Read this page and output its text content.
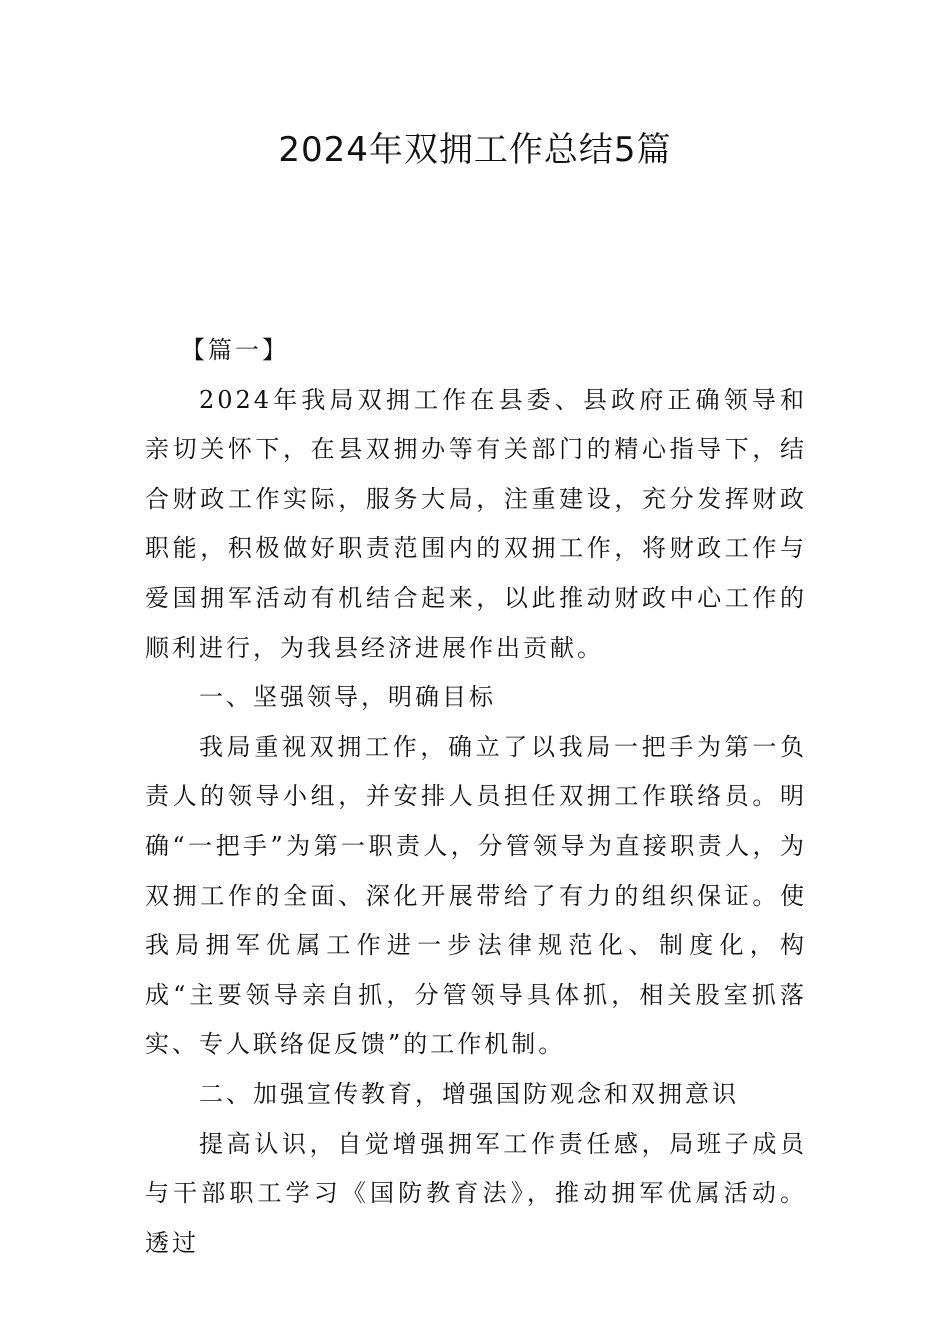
2024年双拥工作总结5篇

【篇一】

2024年我局双拥工作在县委、县政府正确领导和亲切关怀下，在县双拥办等有关部门的精心指导下，结合财政工作实际，服务大局，注重建设，充分发挥财政职能，积极做好职责范围内的双拥工作，将财政工作与爱国拥军活动有机结合起来，以此推动财政中心工作的顺利进行，为我县经济进展作出贡献。

一、坚强领导，明确目标

我局重视双拥工作，确立了以我局一把手为第一负责人的领导小组，并安排人员担任双拥工作联络员。明确“一把手”为第一职责人，分管领导为直接职责人，为双拥工作的全面、深化开展带给了有力的组织保证。使我局拥军优属工作进一步法律规范化、制度化，构成“主要领导亲自抓，分管领导具体抓，相关股室抓落实、专人联络促反馈”的工作机制。

二、加强宣传教育，增强国防观念和双拥意识

提高认识，自觉增强拥军工作责任感，局班子成员与干部职工学习《国防教育法》，推动拥军优属活动。透过
